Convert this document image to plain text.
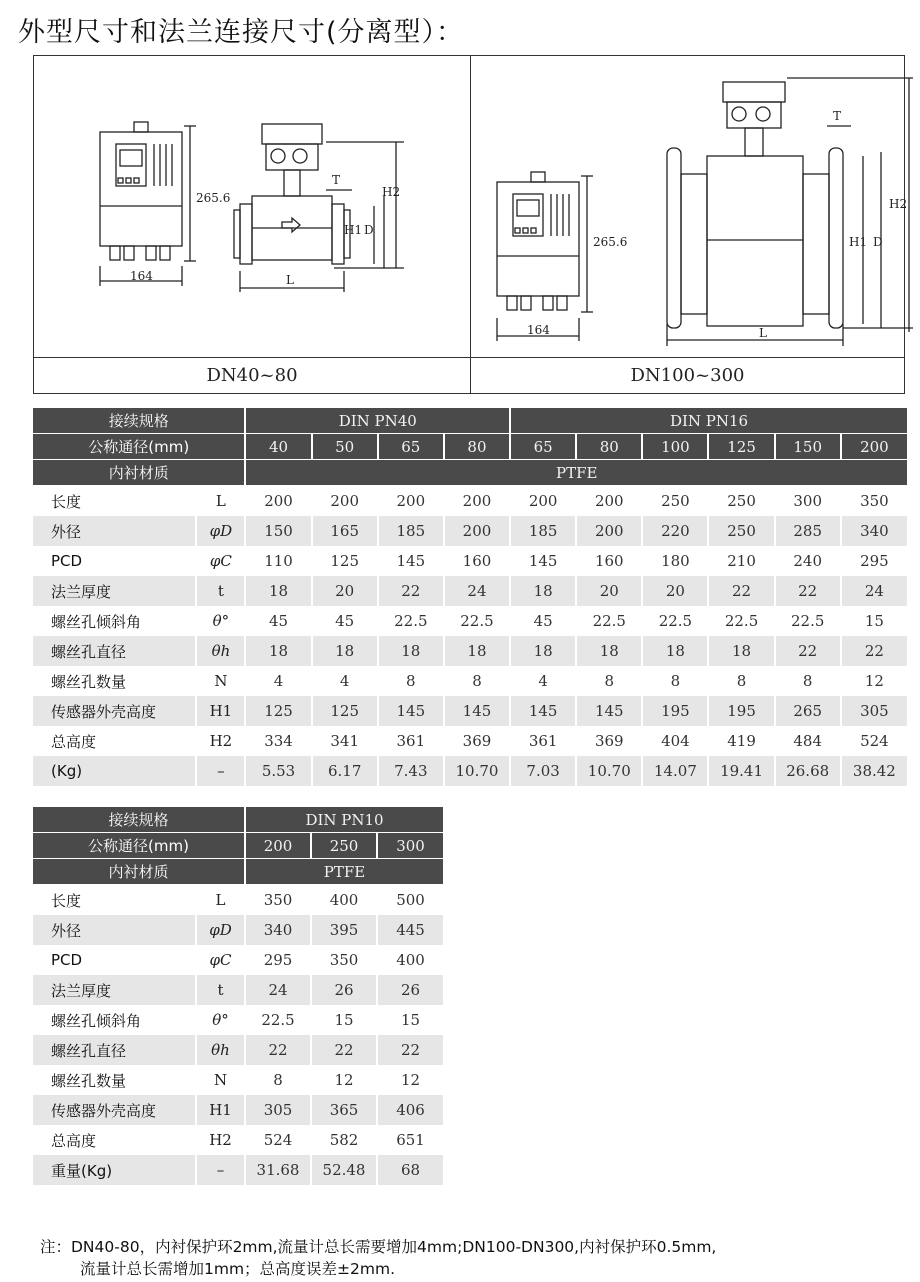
外型尺寸和法兰连接尺寸(分离型）：
265.6
164	L
H1 D
H2
T
265.6
164	L
H1 D
H2
T
DN40~80	DN100~300
接续规格		DIN PN40				DIN PN16					
公称通径(mm)		40	50	65	80	65	80	100	125	150	200
内衬材质		PTFE									
长度	L	200	200	200	200	200	200	250	250	300	350
外径	φD	150	165	185	200	185	200	220	250	285	340
PCD	φC	110	125	145	160	145	160	180	210	240	295
法兰厚度	t	18	20	22	24	18	20	20	22	22	24
螺丝孔倾斜角	θ°	45	45	22.5	22.5	45	22.5	22.5	22.5	22.5	15
螺丝孔直径	θh	18	18	18	18	18	18	18	18	22	22
螺丝孔数量	N	4	4	8	8	4	8	8	8	8	12
传感器外壳高度	H1	125	125	145	145	145	145	195	195	265	305
总高度	H2	334	341	361	369	361	369	404	419	484	524
(Kg)	–	5.53	6.17	7.43	10.70	7.03	10.70	14.07	19.41	26.68	38.42
接续规格		DIN PN10		
公称通径(mm)		200	250	300
内衬材质		PTFE		
长度	L	350	400	500
外径	φD	340	395	445
PCD	φC	295	350	400
法兰厚度	t	24	26	26
螺丝孔倾斜角	θ°	22.5	15	15
螺丝孔直径	θh	22	22	22
螺丝孔数量	N	8	12	12
传感器外壳高度	H1	305	365	406
总高度	H2	524	582	651
重量(Kg)	–	31.68	52.48	68
注：DN40-80，内衬保护环2mm,流量计总长需要增加4mm;DN100-DN300,内衬保护环0.5mm,
流量计总长需增加1mm；总高度误差±2mm.
